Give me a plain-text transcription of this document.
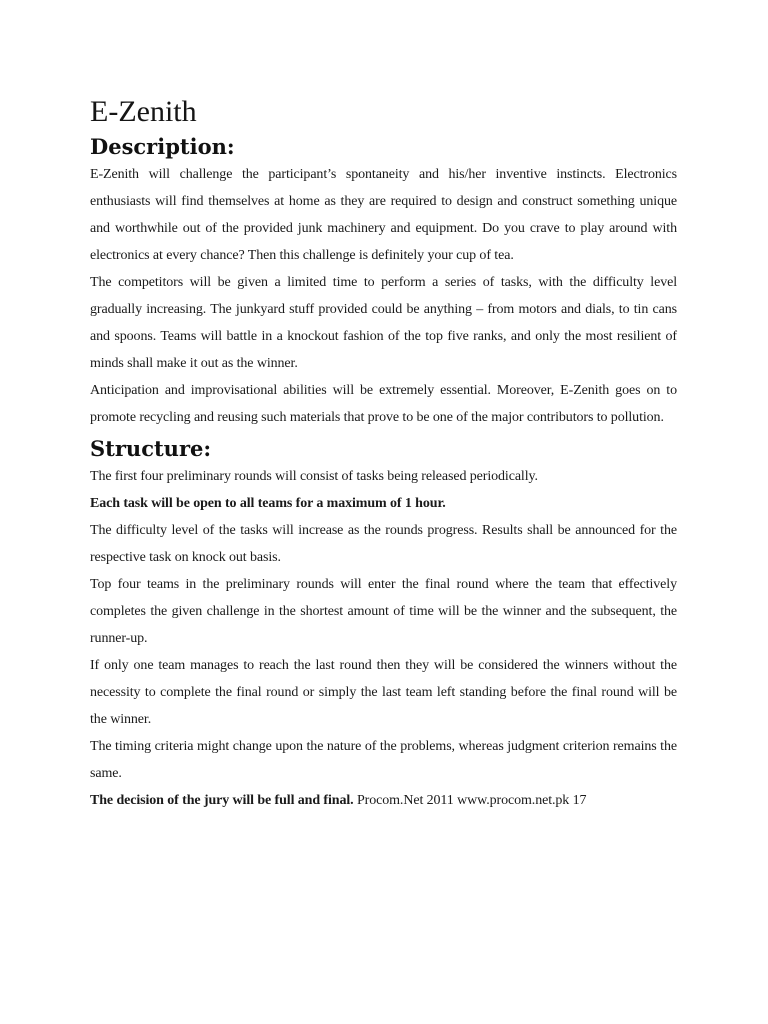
E-Zenith
Description:

E-Zenith will challenge the participant’s spontaneity and his/her inventive instincts. Electronics enthusiasts will find themselves at home as they are required to design and construct something unique and worthwhile out of the provided junk machinery and equipment. Do you crave to play around with electronics at every chance? Then this challenge is definitely your cup of tea.

The competitors will be given a limited time to perform a series of tasks, with the difficulty level gradually increasing. The junkyard stuff provided could be anything – from motors and dials, to tin cans and spoons. Teams will battle in a knockout fashion of the top five ranks, and only the most resilient of minds shall make it out as the winner.

Anticipation and improvisational abilities will be extremely essential. Moreover, E-Zenith goes on to promote recycling and reusing such materials that prove to be one of the major contributors to pollution.

Structure:

The first four preliminary rounds will consist of tasks being released periodically.

Each task will be open to all teams for a maximum of 1 hour.

The difficulty level of the tasks will increase as the rounds progress. Results shall be announced for the respective task on knock out basis.

Top four teams in the preliminary rounds will enter the final round where the team that effectively completes the given challenge in the shortest amount of time will be the winner and the subsequent, the runner-up.

If only one team manages to reach the last round then they will be considered the winners without the necessity to complete the final round or simply the last team left standing before the final round will be the winner.

The timing criteria might change upon the nature of the problems, whereas judgment criterion remains the same.

The decision of the jury will be full and final. Procom.Net 2011 www.procom.net.pk 17
